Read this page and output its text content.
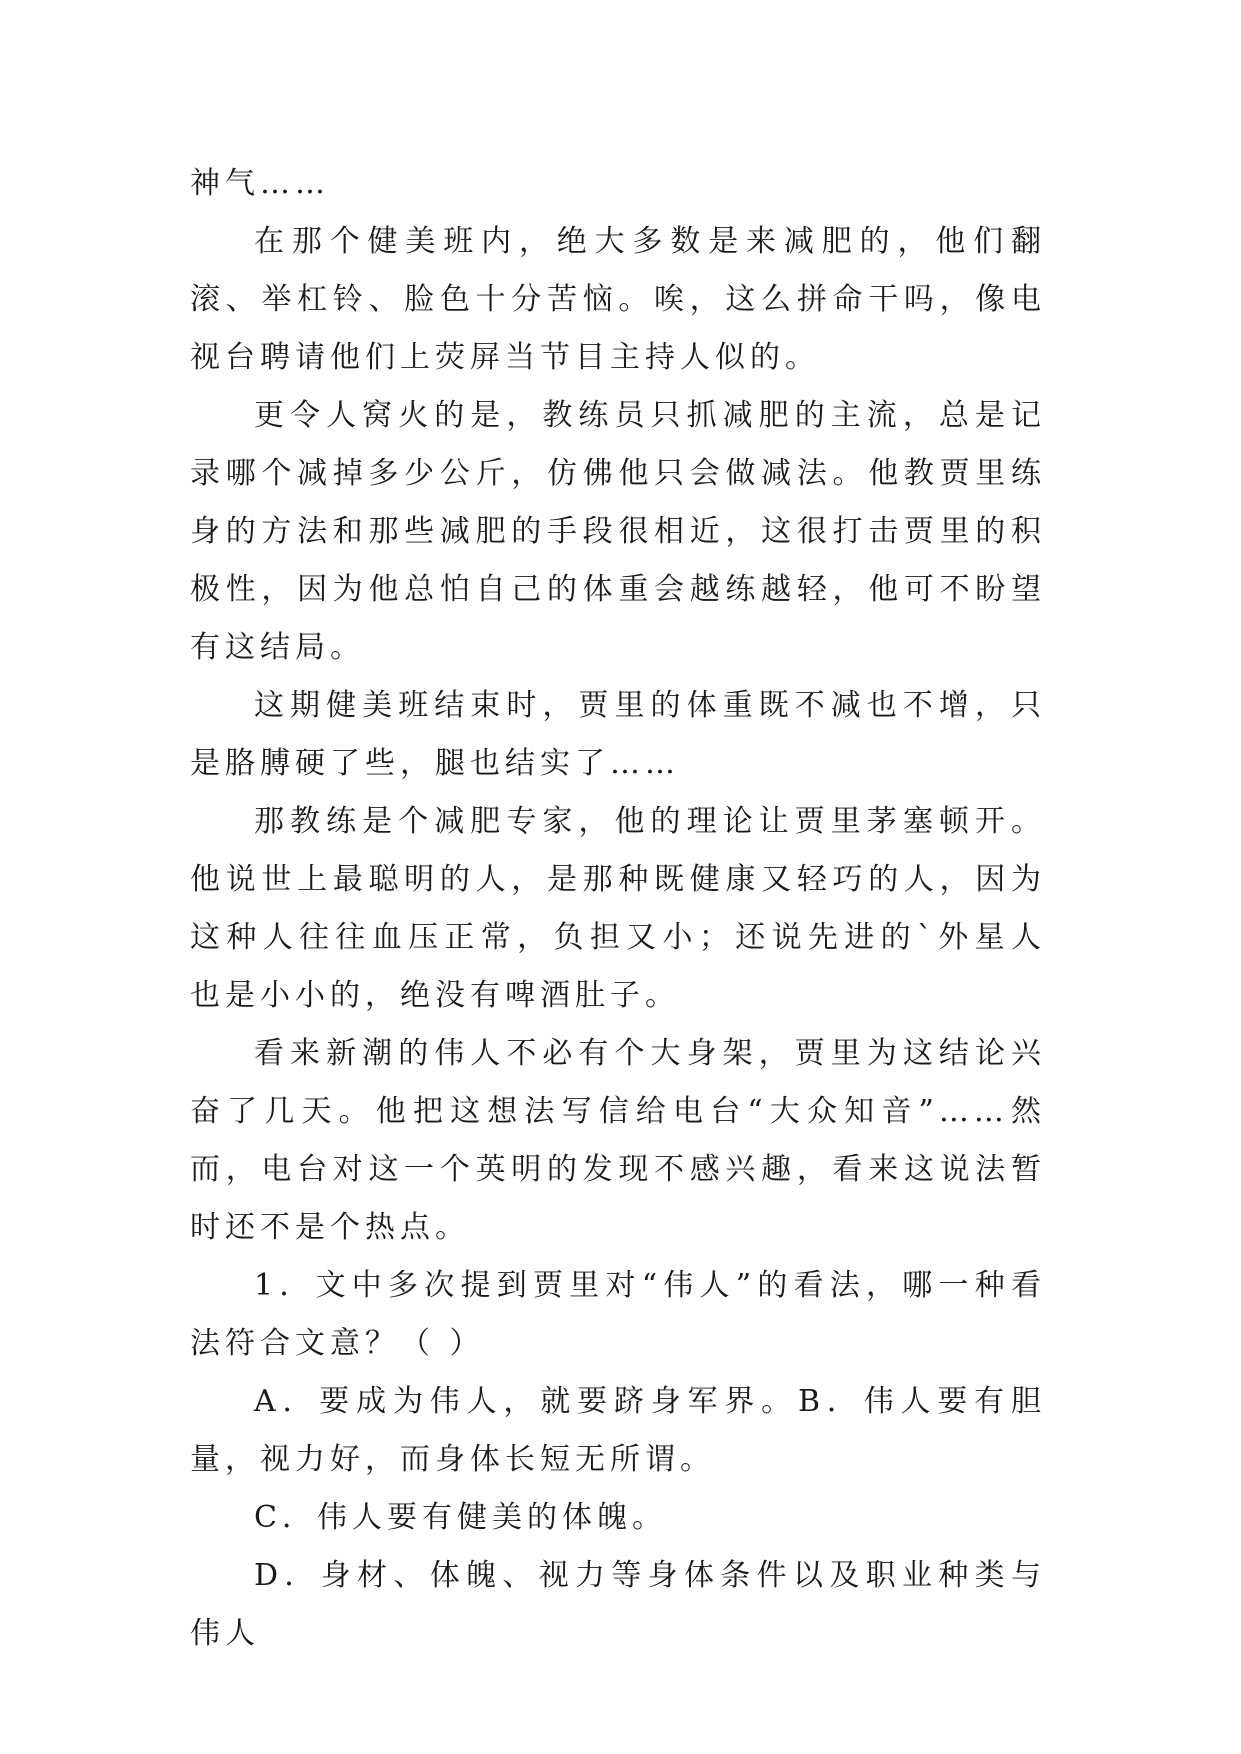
神气……

在那个健美班内，绝大多数是来减肥的，他们翻滚、举杠铃、脸色十分苦恼。唉，这么拼命干吗，像电视台聘请他们上荧屏当节目主持人似的。

更令人窝火的是，教练员只抓减肥的主流，总是记录哪个减掉多少公斤，仿佛他只会做减法。他教贾里练身的方法和那些减肥的手段很相近，这很打击贾里的积极性，因为他总怕自己的体重会越练越轻，他可不盼望有这结局。

这期健美班结束时，贾里的体重既不减也不增，只是胳膊硬了些，腿也结实了……

那教练是个减肥专家，他的理论让贾里茅塞顿开。他说世上最聪明的人，是那种既健康又轻巧的人，因为这种人往往血压正常，负担又小；还说先进的`外星人也是小小的，绝没有啤酒肚子。

看来新潮的伟人不必有个大身架，贾里为这结论兴奋了几天。他把这想法写信给电台“大众知音”……然而，电台对这一个英明的发现不感兴趣，看来这说法暂时还不是个热点。

1．文中多次提到贾里对“伟人”的看法，哪一种看法符合文意？（ ）

A．要成为伟人，就要跻身军界。B．伟人要有胆量，视力好，而身体长短无所谓。

C．伟人要有健美的体魄。

D．身材、体魄、视力等身体条件以及职业种类与伟人
